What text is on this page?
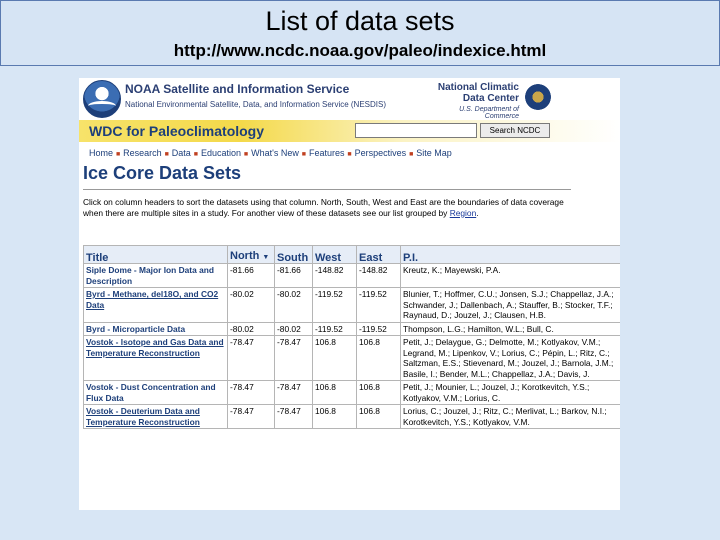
List of data sets
http://www.ncdc.noaa.gov/paleo/indexice.html
NOAA Satellite and Information Service
National Environmental Satellite, Data, and Information Service (NESDIS)
National Climatic
Data Center
U.S. Department of Commerce
WDC for Paleoclimatology	Search NCDC
Home ■ Research ■ Data ■ Education ■ What's New ■ Features ■ Perspectives ■ Site Map
Ice Core Data Sets
Click on column headers to sort the datasets using that column. North, South, West and East are the boundaries of data coverage when there are multiple sites in a study. For another view of these datasets see our list grouped by Region.
Title	North ▼	South	West	East	P.I.
Siple Dome - Major Ion Data and Description	-81.66	-81.66	-148.82	-148.82	Kreutz, K.; Mayewski, P.A.
Byrd - Methane, del18O, and CO2 Data	-80.02	-80.02	-119.52	-119.52	Blunier, T.; Hoffmer, C.U.; Jonsen, S.J.; Chappellaz, J.A.; Schwander, J.; Dallenbach, A.; Stauffer, B.; Stocker, T.F.; Raynaud, D.; Jouzel, J.; Clausen, H.B.
Byrd - Microparticle Data	-80.02	-80.02	-119.52	-119.52	Thompson, L.G.; Hamilton, W.L.; Bull, C.
Vostok - Isotope and Gas Data and Temperature Reconstruction	-78.47	-78.47	106.8	106.8	Petit, J.; Delaygue, G.; Delmotte, M.; Kotlyakov, V.M.; Legrand, M.; Lipenkov, V.; Lorius, C.; Pépin, L.; Ritz, C.; Saltzman, E.S.; Stievenard, M.; Jouzel, J.; Barnola, J.M.; Basile, I.; Bender, M.L.; Chappellaz, J.A.; Davis, J.
Vostok - Dust Concentration and Flux Data	-78.47	-78.47	106.8	106.8	Petit, J.; Mounier, L.; Jouzel, J.; Korotkevitch, Y.S.; Kotlyakov, V.M.; Lorius, C.
Vostok - Deuterium Data and Temperature Reconstruction	-78.47	-78.47	106.8	106.8	Lorius, C.; Jouzel, J.; Ritz, C.; Merlivat, L.; Barkov, N.I.; Korotkevitch, Y.S.; Kotlyakov, V.M.
